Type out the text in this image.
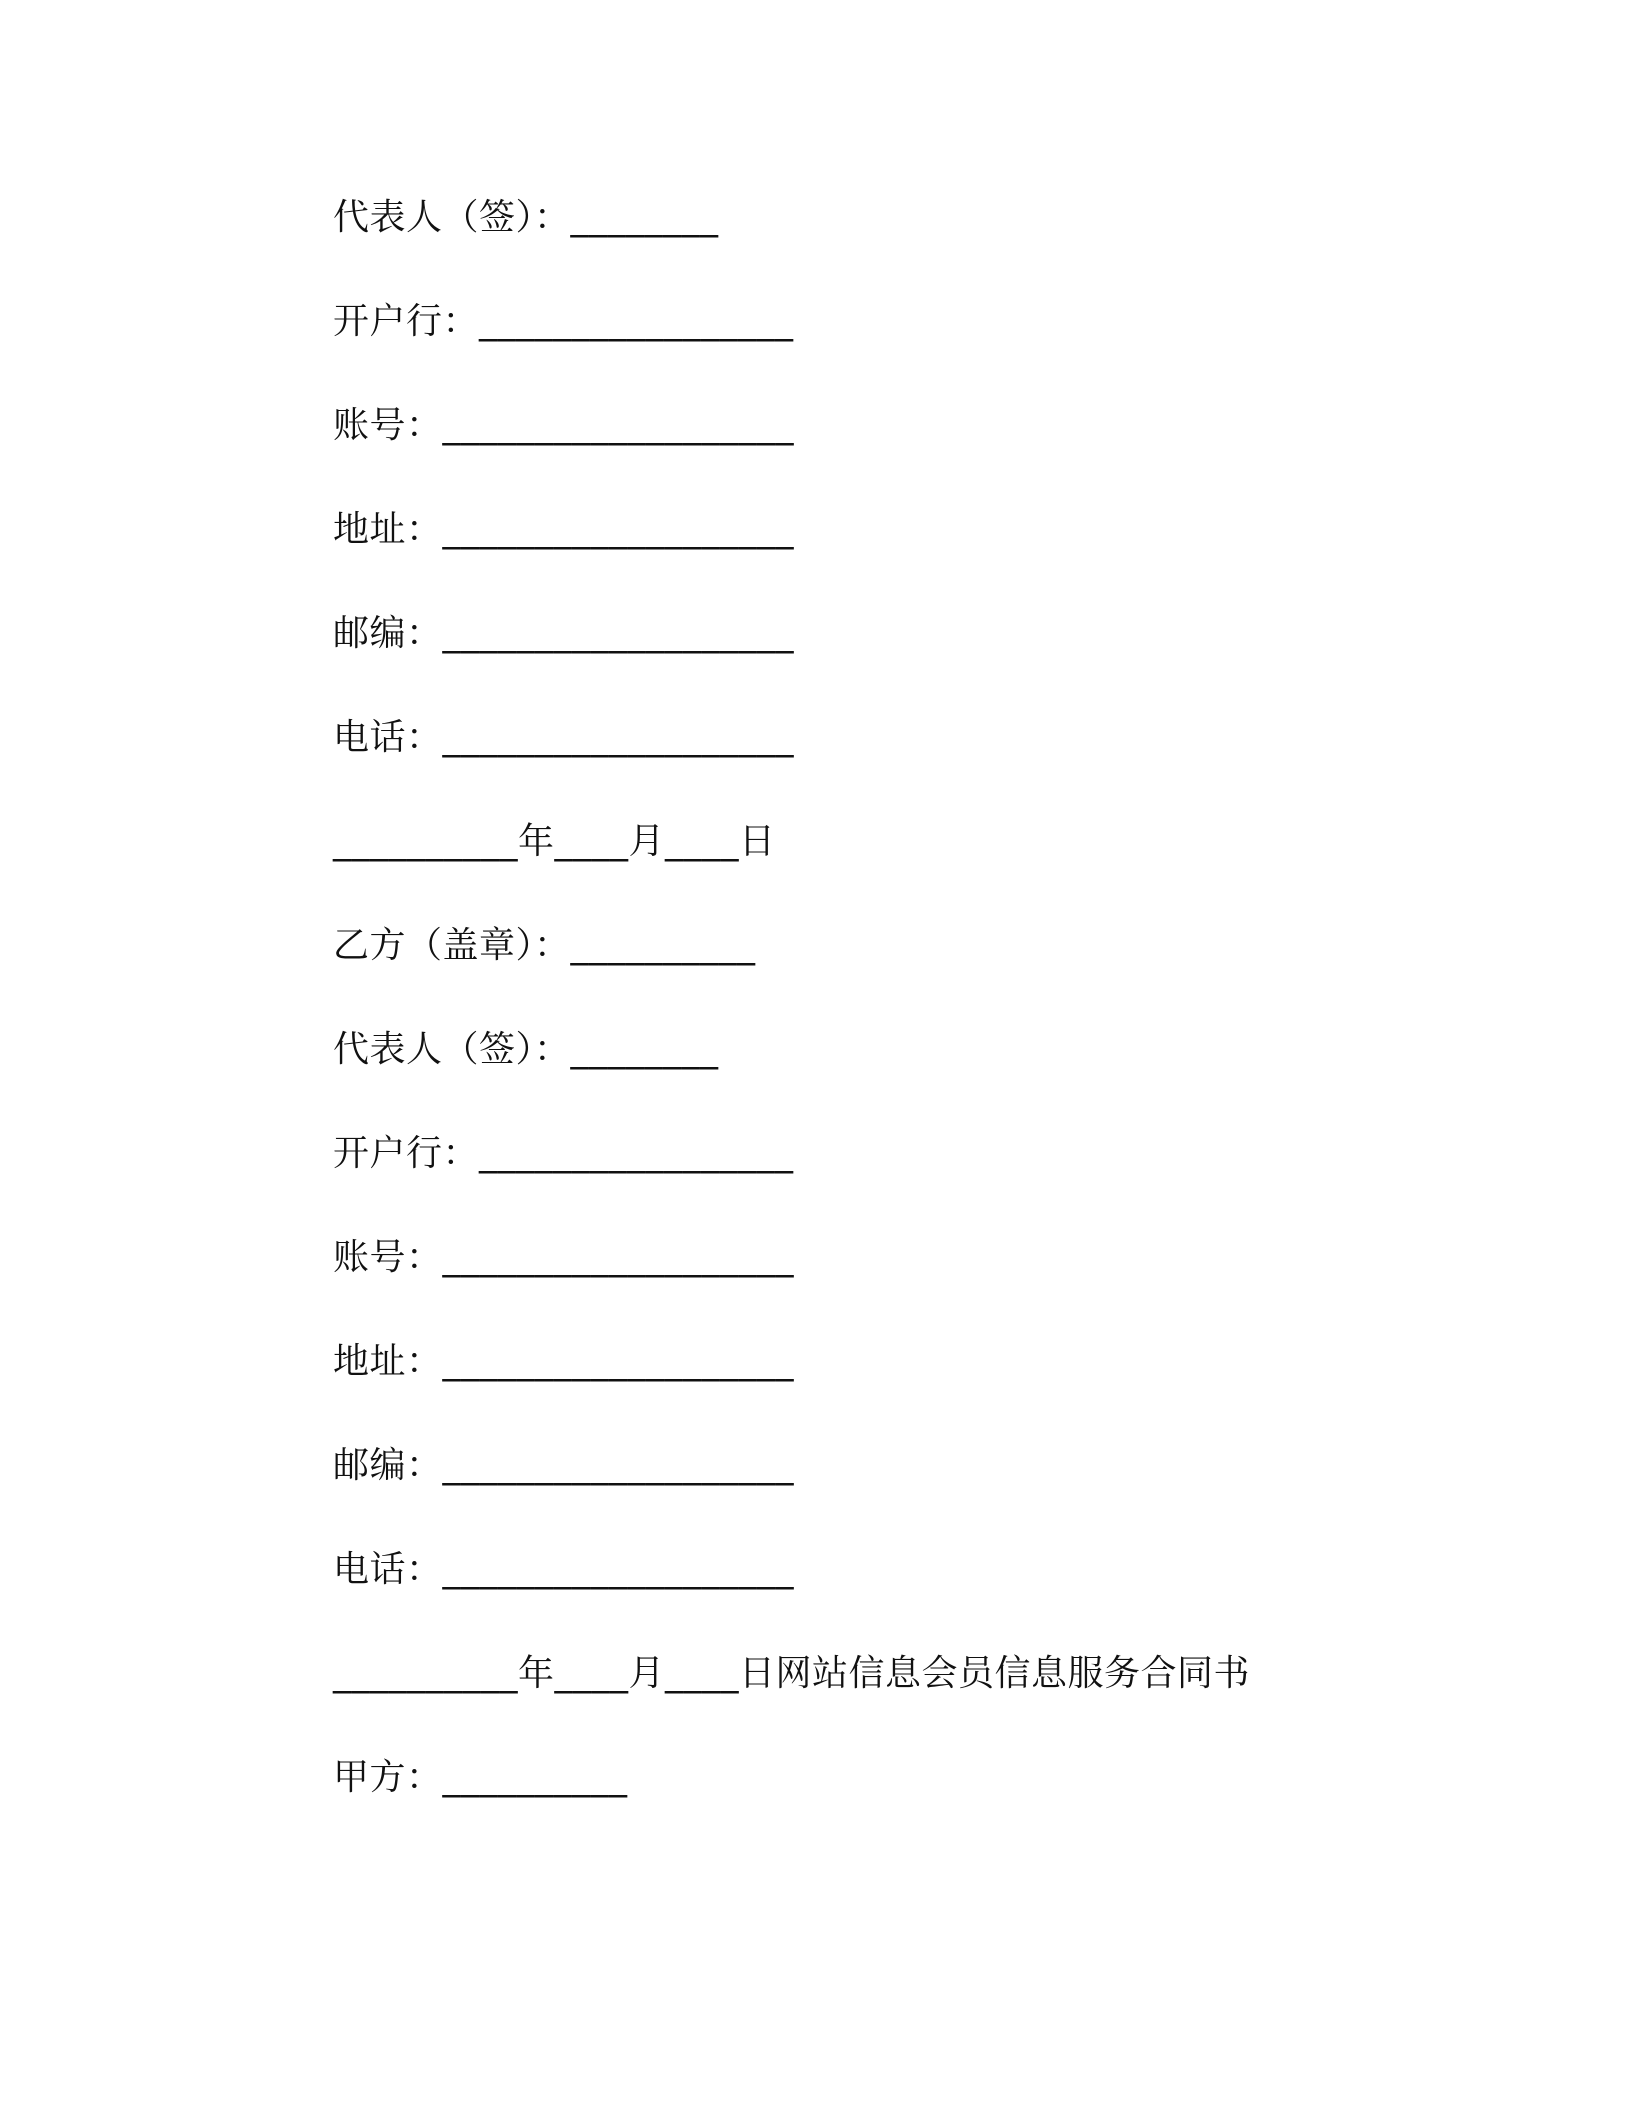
代表人（签）：________
开户行：_________________
账号：___________________
地址：___________________
邮编：___________________
电话：___________________
__________年____月____日
乙方（盖章）：__________
代表人（签）：________
开户行：_________________
账号：___________________
地址：___________________
邮编：___________________
电话：___________________
__________年____月____日网站信息会员信息服务合同书
甲方：__________
